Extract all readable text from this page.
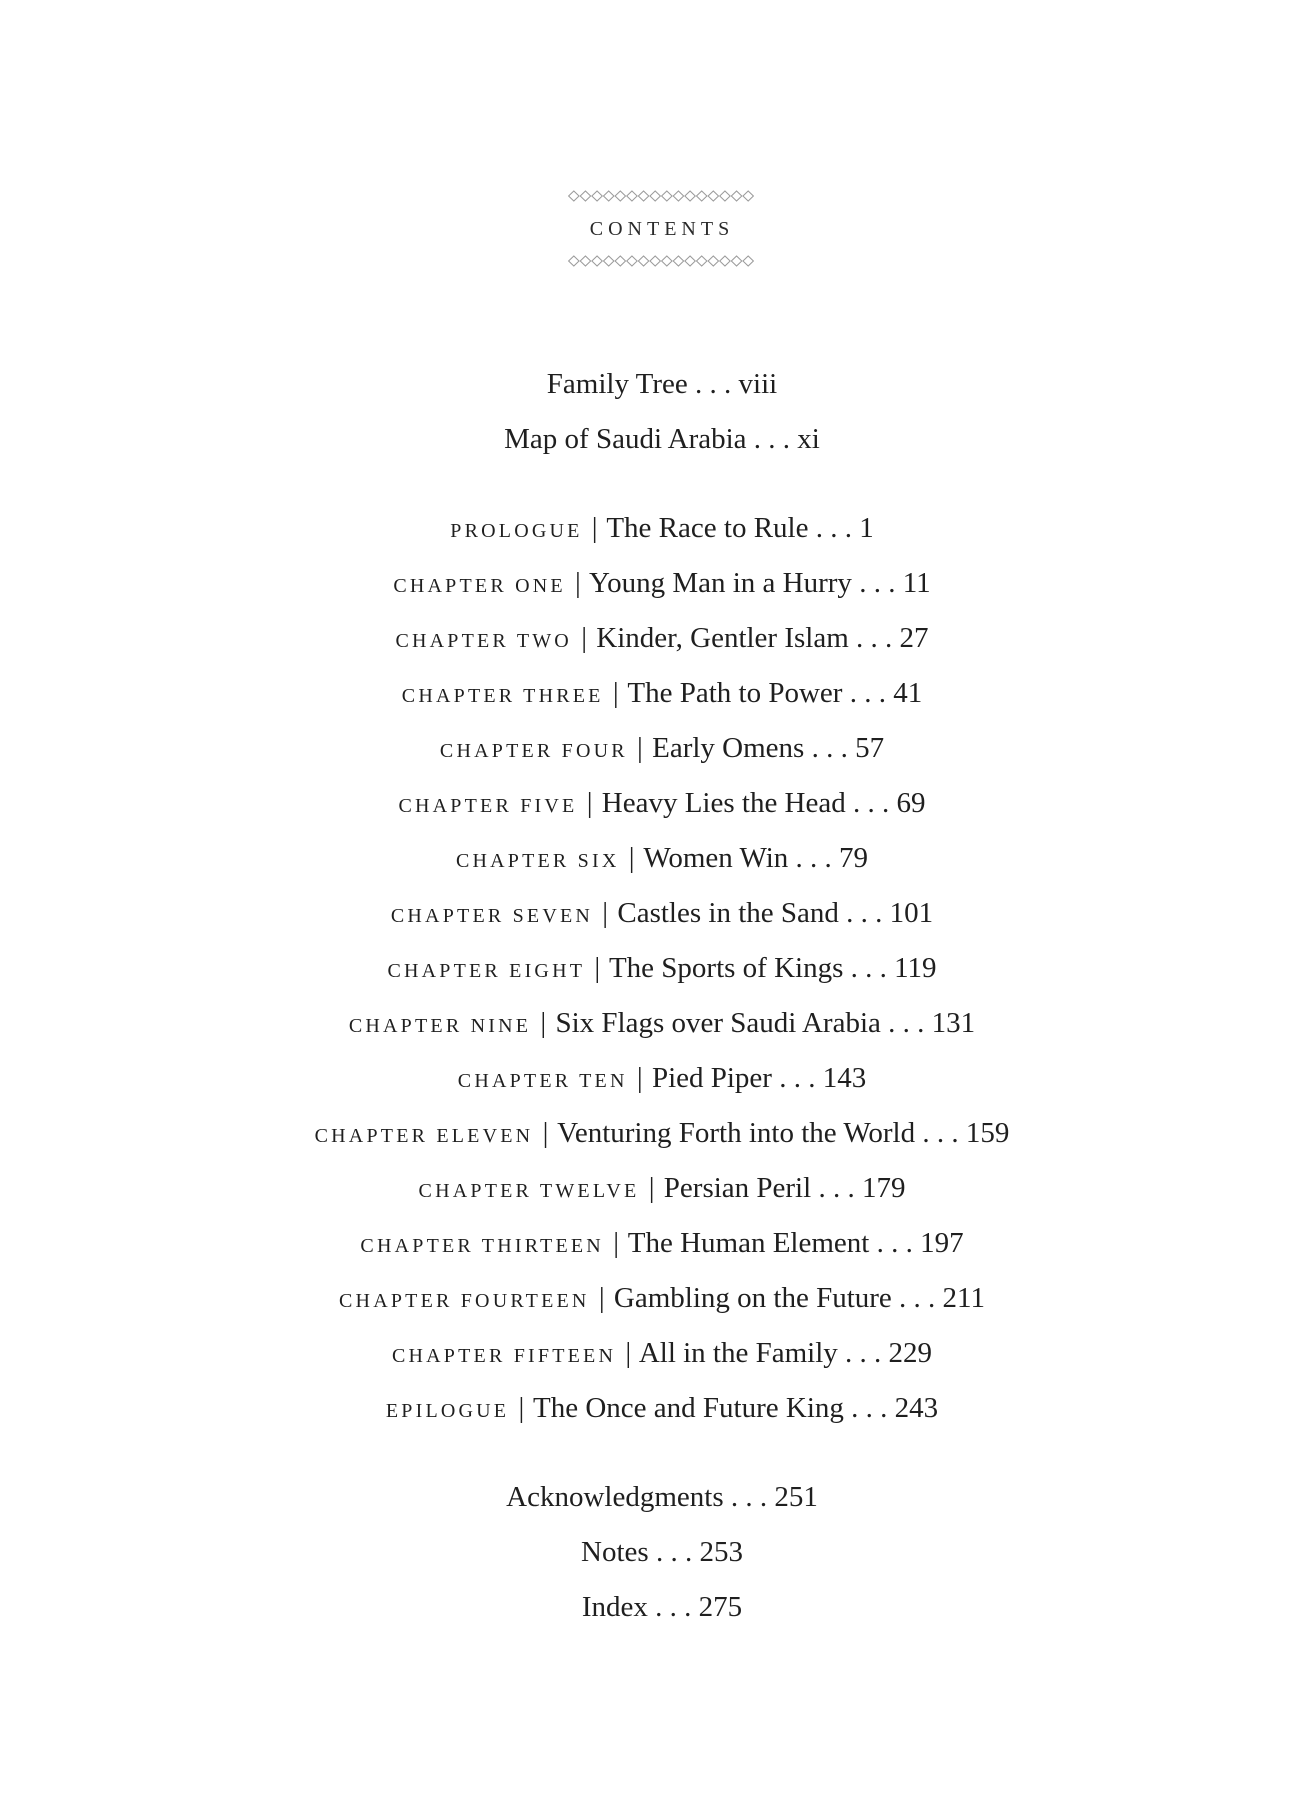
CONTENTS
Family Tree . . . viii
Map of Saudi Arabia . . . xi
PROLOGUE | The Race to Rule . . . 1
CHAPTER ONE | Young Man in a Hurry . . . 11
CHAPTER TWO | Kinder, Gentler Islam . . . 27
CHAPTER THREE | The Path to Power . . . 41
CHAPTER FOUR | Early Omens . . . 57
CHAPTER FIVE | Heavy Lies the Head . . . 69
CHAPTER SIX | Women Win . . . 79
CHAPTER SEVEN | Castles in the Sand . . . 101
CHAPTER EIGHT | The Sports of Kings . . . 119
CHAPTER NINE | Six Flags over Saudi Arabia . . . 131
CHAPTER TEN | Pied Piper . . . 143
CHAPTER ELEVEN | Venturing Forth into the World . . . 159
CHAPTER TWELVE | Persian Peril . . . 179
CHAPTER THIRTEEN | The Human Element . . . 197
CHAPTER FOURTEEN | Gambling on the Future . . . 211
CHAPTER FIFTEEN | All in the Family . . . 229
EPILOGUE | The Once and Future King . . . 243
Acknowledgments . . . 251
Notes . . . 253
Index . . . 275
